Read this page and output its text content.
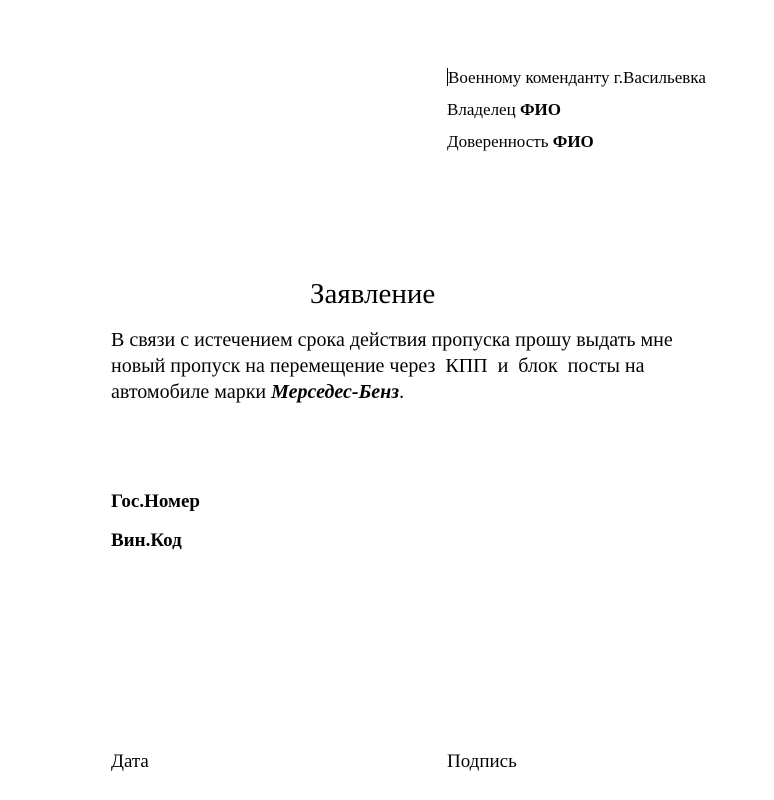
Военному коменданту г.Васильевка
Владелец ФИО
Доверенность ФИО
Заявление
В связи с истечением срока действия пропуска прошу выдать мне
новый пропуск на перемещение через  КПП  и  блок  посты на
автомобиле марки Мерседес-Бенз.
Гос.Номер
Вин.Код
Дата	Подпись
